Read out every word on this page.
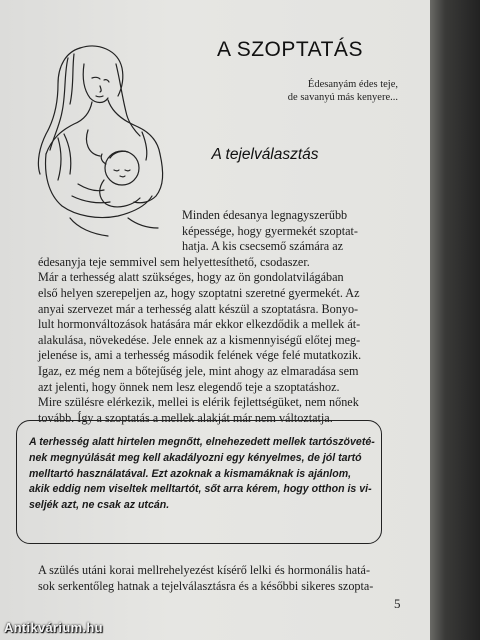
A SZOPTATÁS
Édesanyám édes teje,
de savanyú más kenyere...
A tejelválasztás
Minden édesanya legnagyszerűbb
képessége, hogy gyermekét szoptat-
hatja. A kis csecsemő számára az
édesanyja teje semmivel sem helyettesíthető, csodaszer.
Már a terhesség alatt szükséges, hogy az ön gondolatvilágában
első helyen szerepeljen az, hogy szoptatni szeretné gyermekét. Az
anyai szervezet már a terhesség alatt készül a szoptatásra. Bonyo-
lult hormonváltozások hatására már ekkor elkezdődik a mellek át-
alakulása, növekedése. Jele ennek az a kismennyiségű előtej meg-
jelenése is, ami a terhesség második felének vége felé mutatkozik.
Igaz, ez még nem a bőtejűség jele, mint ahogy az elmaradása sem
azt jelenti, hogy önnek nem lesz elegendő teje a szoptatáshoz.
Mire szülésre elérkezik, mellei is elérik fejlettségüket, nem nőnek
tovább. Így a szoptatás a mellek alakját már nem változtatja.
A terhesség alatt hirtelen megnőtt, elnehezedett mellek tartószöveté-
nek megnyúlását meg kell akadályozni egy kényelmes, de jól tartó
melltartó használatával. Ezt azoknak a kismamáknak is ajánlom,
akik eddig nem viseltek melltartót, sőt arra kérem, hogy otthon is vi-
seljék azt, ne csak az utcán.
A szülés utáni korai mellrehelyezést kísérő lelki és hormonális hatá-
sok serkentőleg hatnak a tejelválasztásra és a későbbi sikeres szopta-
5
Antikvárium.hu
